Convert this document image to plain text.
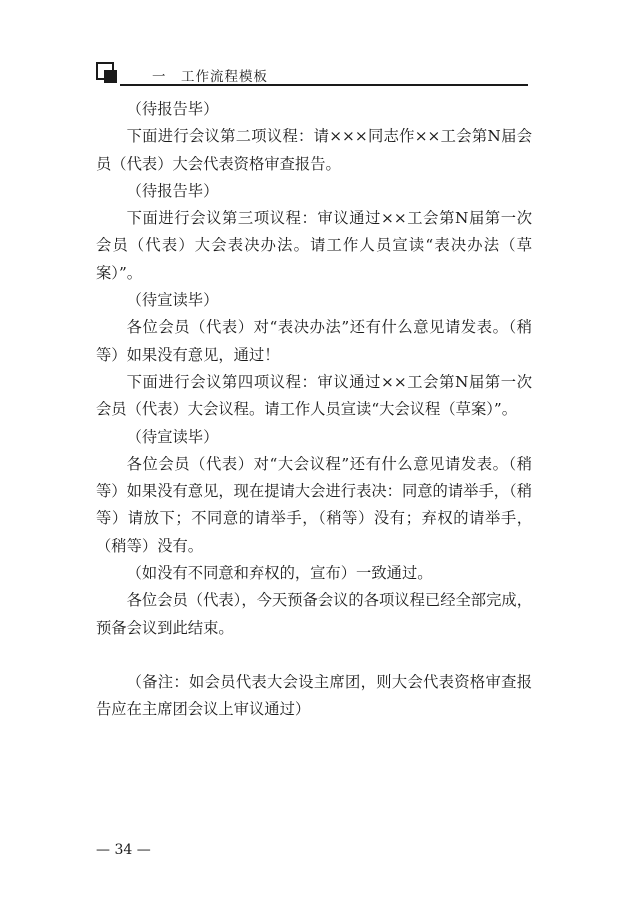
一　工作流程模板

（待报告毕）

下面进行会议第二项议程：请×××同志作××工会第N届会员（代表）大会代表资格审查报告。

（待报告毕）

下面进行会议第三项议程：审议通过××工会第N届第一次会员（代表）大会表决办法。请工作人员宣读“表决办法（草案）”。

（待宣读毕）

各位会员（代表）对“表决办法”还有什么意见请发表。（稍等）如果没有意见，通过！

下面进行会议第四项议程：审议通过××工会第N届第一次会员（代表）大会议程。请工作人员宣读“大会议程（草案）”。

（待宣读毕）

各位会员（代表）对“大会议程”还有什么意见请发表。（稍等）如果没有意见，现在提请大会进行表决：同意的请举手，（稍等）请放下；不同意的请举手，（稍等）没有；弃权的请举手，（稍等）没有。

（如没有不同意和弃权的，宣布）一致通过。

各位会员（代表），今天预备会议的各项议程已经全部完成，预备会议到此结束。

（备注：如会员代表大会设主席团，则大会代表资格审查报告应在主席团会议上审议通过）

— 34 —
